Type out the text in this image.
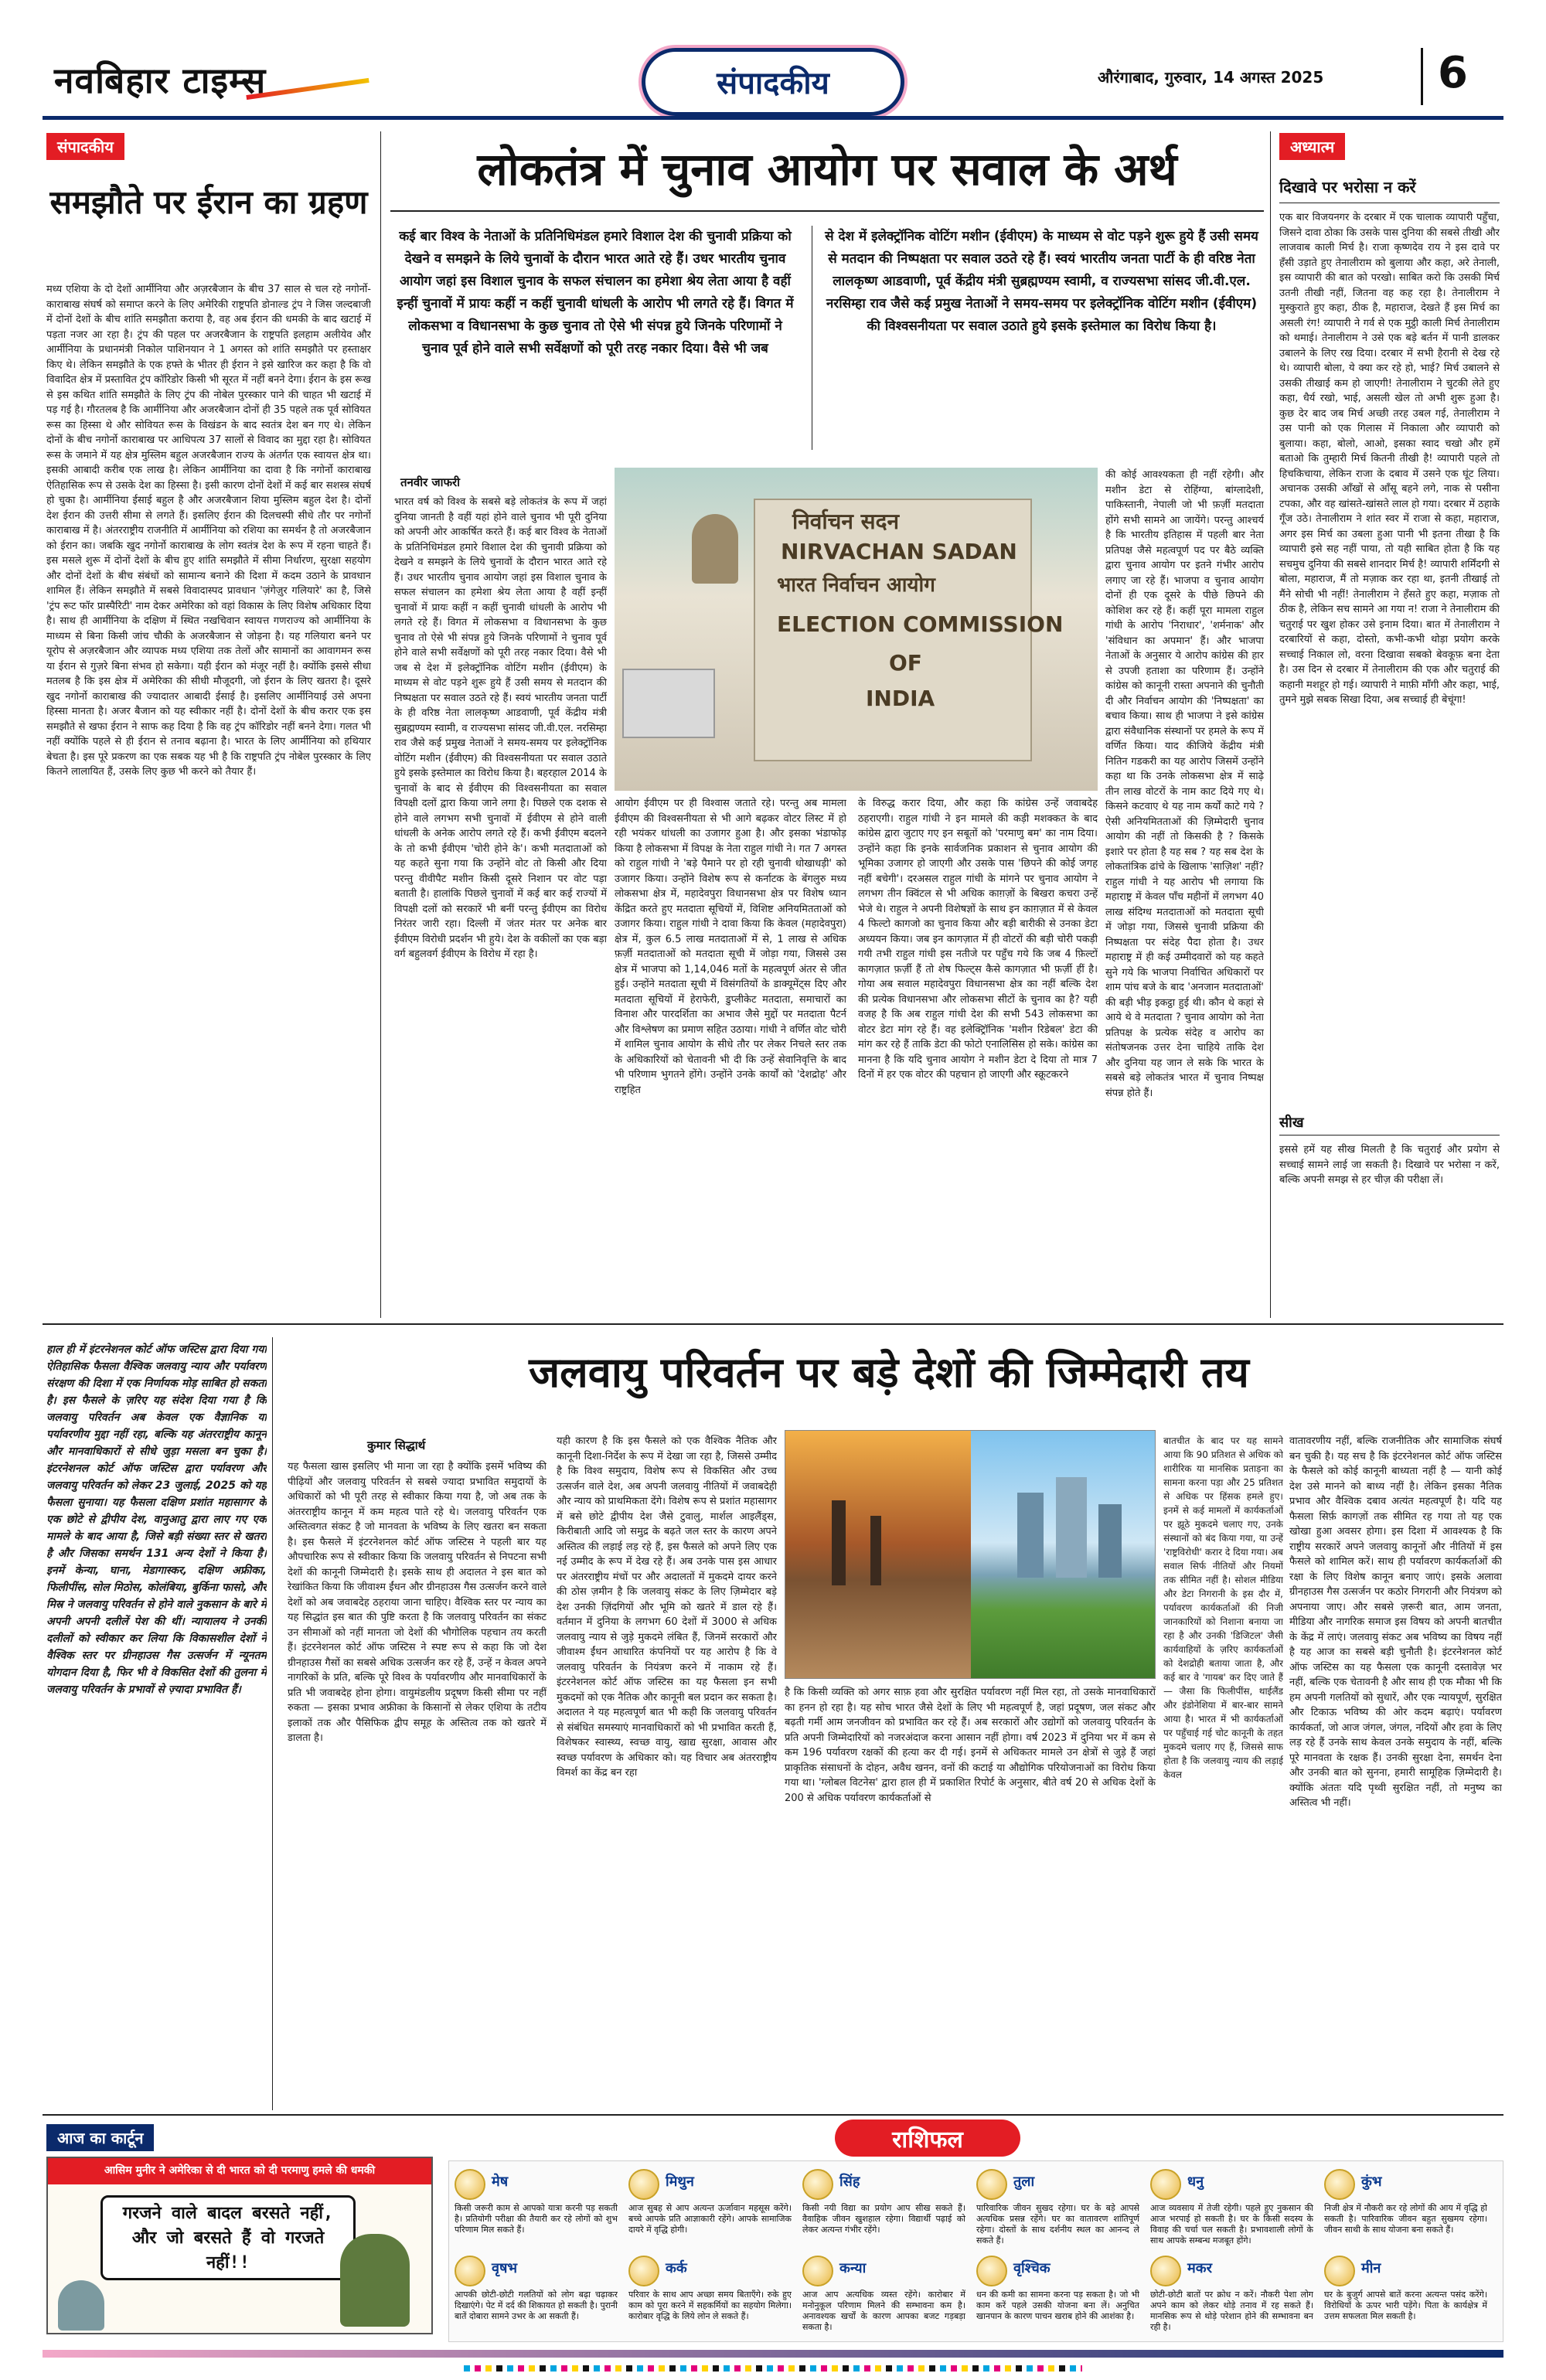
नवबिहार टाइम्स	संपादकीय	औरंगाबाद, गुरुवार, 14 अगस्त 2025	6
संपादकीय
समझौते पर ईरान का ग्रहण
मध्य एशिया के दो देशों आर्मीनिया और अज़रबैजान के बीच 37 साल से चल रहे नगोर्नो-काराबाख संघर्ष को समाप्त करने के लिए अमेरिकी राष्ट्रपति डोनाल्ड ट्रंप ने जिस जल्दबाजी में दोनों देशों के बीच शांति समझौता कराया है, वह अब ईरान की धमकी के बाद खटाई में पड़ता नजर आ रहा है। ट्रंप की पहल पर अजरबैजान के राष्ट्रपति इलहाम अलीयेव और आर्मीनिया के प्रधानमंत्री निकोल पाशिनयान ने 1 अगस्त को शांति समझौते पर हस्ताक्षर किए थे। लेकिन समझौते के एक हफ्ते के भीतर ही ईरान ने इसे खारिज कर कहा है कि वो विवादित क्षेत्र में प्रस्तावित ट्रंप कॉरिडोर किसी भी सूरत में नहीं बनने देगा। ईरान के इस रूख से इस कथित शांति समझौते के लिए ट्रंप की नोबेल पुरस्कार पाने की चाहत भी खटाई में पड़ गई है। गौरतलब है कि आर्मीनिया और अजरबैजान दोनों ही 35 पहले तक पूर्व सोवियत रूस का हिस्सा थे और सोवियत रूस के विखंडन के बाद स्वतंत्र देश बन गए थे। लेकिन दोनों के बीच नगोर्नो काराबाख पर आधिपत्य 37 सालों से विवाद का मुद्दा रहा है। सोवियत रूस के जमाने में यह क्षेत्र मुस्लिम बहुल अजरबैजान राज्य के अंतर्गत एक स्वायत्त क्षेत्र था। इसकी आबादी करीब एक लाख है। लेकिन आर्मीनिया का दावा है कि नगोर्नो काराबाख ऐतिहासिक रूप से उसके देश का हिस्सा है। इसी कारण दोनों देशों में कई बार सशस्त्र संघर्ष हो चुका है। आर्मीनिया ईसाई बहुल है और अजरबैजान शिया मुस्लिम बहुल देश है। दोनों देश ईरान की उत्तरी सीमा से लगते हैं। इसलिए ईरान की दिलचस्पी सीधे तौर पर नगोर्नो काराबाख में है। अंतरराष्ट्रीय राजनीति में आर्मीनिया को रशिया का समर्थन है तो अजरबैजान को ईरान का। जबकि खुद नगोर्नो काराबाख के लोग स्वतंत्र देश के रूप में रहना चाहते हैं। इस मसले शुरू में दोनों देशों के बीच हुए शांति समझौते में सीमा निर्धारण, सुरक्षा सहयोग और दोनों देशों के बीच संबंधों को सामान्य बनाने की दिशा में कदम उठाने के प्रावधान शामिल हैं। लेकिन समझौते में सबसे विवादास्पद प्रावधान 'ज़ंगेज़ुर गलियारे' का है, जिसे 'ट्रंप रूट फॉर प्रास्पैरिटी' नाम देकर अमेरिका को वहां विकास के लिए विशेष अधिकार दिया है। साथ ही आर्मीनिया के दक्षिण में स्थित नखचिवान स्वायत्त गणराज्य को आर्मीनिया के माध्यम से बिना किसी जांच चौकी के अजरबैजान से जोड़ना है। यह गलियारा बनने पर यूरोप से अज़रबैजान और व्यापक मध्य एशिया तक तेलों और सामानों का आवागमन रूस या ईरान से गुज़रे बिना संभव हो सकेगा। यही ईरान को मंजूर नहीं है। क्योंकि इससे सीधा मतलब है कि इस क्षेत्र में अमेरिका की सीधी मौजूदगी, जो ईरान के लिए खतरा है। दूसरे खुद नगोर्नो काराबाख की ज्यादातर आबादी ईसाई है। इसलिए आर्मीनियाई उसे अपना हिस्सा मानता है। अजर बैजान को यह स्वीकार नहीं है। दोनों देशों के बीच करार एक इस समझौते से खफा ईरान ने साफ कह दिया है कि वह ट्रंप कॉरिडोर नहीं बनने देगा। गलत भी नहीं क्योंकि पहले से ही ईरान से तनाव बढ़ाना है। भारत के लिए आर्मीनिया को हथियार बेचता है। इस पूरे प्रकरण का एक सबक यह भी है कि राष्ट्रपति ट्रंप नोबेल पुरस्कार के लिए कितने लालायित हैं, उसके लिए कुछ भी करने को तैयार हैं।
लोकतंत्र में चुनाव आयोग पर सवाल के अर्थ
कई बार विश्व के नेताओं के प्रतिनिधिमंडल हमारे विशाल देश की चुनावी प्रक्रिया को देखने व समझने के लिये चुनावों के दौरान भारत आते रहे हैं। उधर भारतीय चुनाव आयोग जहां इस विशाल चुनाव के सफल संचालन का हमेशा श्रेय लेता आया है वहीं इन्हीं चुनावों में प्रायः कहीं न कहीं चुनावी धांधली के आरोप भी लगते रहे हैं। विगत में लोकसभा व विधानसभा के कुछ चुनाव तो ऐसे भी संपन्न हुये जिनके परिणामों ने चुनाव पूर्व होने वाले सभी सर्वेक्षणों को पूरी तरह नकार दिया। वैसे भी जब
से देश में इलेक्ट्रॉनिक वोटिंग मशीन (ईवीएम) के माध्यम से वोट पड़ने शुरू हुये हैं उसी समय से मतदान की निष्पक्षता पर सवाल उठते रहे हैं। स्वयं भारतीय जनता पार्टी के ही वरिष्ठ नेता लालकृष्ण आडवाणी, पूर्व केंद्रीय मंत्री सुब्रह्मण्यम स्वामी, व राज्यसभा सांसद जी.वी.एल. नरसिम्हा राव जैसे कई प्रमुख नेताओं ने समय-समय पर इलेक्ट्रॉनिक वोटिंग मशीन (ईवीएम) की विश्वसनीयता पर सवाल उठाते हुये इसके इस्तेमाल का विरोध किया है।
तनवीर जाफरी
भारत वर्ष को विश्व के सबसे बड़े लोकतंत्र के रूप में जहां दुनिया जानती है वहीं यहां होने वाले चुनाव भी पूरी दुनिया को अपनी ओर आकर्षित करते हैं। कई बार विश्व के नेताओं के प्रतिनिधिमंडल हमारे विशाल देश की चुनावी प्रक्रिया को देखने व समझने के लिये चुनावों के दौरान भारत आते रहे हैं। उधर भारतीय चुनाव आयोग जहां इस विशाल चुनाव के सफल संचालन का हमेशा श्रेय लेता आया है वहीं इन्हीं चुनावों में प्रायः कहीं न कहीं चुनावी धांधली के आरोप भी लगते रहे हैं। विगत में लोकसभा व विधानसभा के कुछ चुनाव तो ऐसे भी संपन्न हुये जिनके परिणामों ने चुनाव पूर्व होने वाले सभी सर्वेक्षणों को पूरी तरह नकार दिया। वैसे भी जब से देश में इलेक्ट्रॉनिक वोटिंग मशीन (ईवीएम) के माध्यम से वोट पड़ने शुरू हुये हैं उसी समय से मतदान की निष्पक्षता पर सवाल उठते रहे हैं। स्वयं भारतीय जनता पार्टी के ही वरिष्ठ नेता लालकृष्ण आडवाणी, पूर्व केंद्रीय मंत्री सुब्रह्मण्यम स्वामी, व राज्यसभा सांसद जी.वी.एल. नरसिम्हा राव जैसे कई प्रमुख नेताओं ने समय-समय पर इलेक्ट्रॉनिक वोटिंग मशीन (ईवीएम) की विश्वसनीयता पर सवाल उठाते हुये इसके इस्तेमाल का विरोध किया है। बहरहाल 2014 के चुनावों के बाद से ईवीएम की विश्वसनीयता का सवाल विपक्षी दलों द्वारा किया जाने लगा है। पिछले एक दशक से होने वाले लगभग सभी चुनावों में ईवीएम से होने वाली धांधली के अनेक आरोप लगते रहे हैं। कभी ईवीएम बदलने के तो कभी ईवीएम 'चोरी होने के'। कभी मतदाताओं को यह कहते सुना गया कि उन्होंने वोट तो किसी और दिया परन्तु वीवीपैट मशीन किसी दूसरे निशान पर वोट पड़ा बताती है। हालांकि पिछले चुनावों में कई बार कई राज्यों में विपक्षी दलों को सरकारें भी बनीं परन्तु ईवीएम का विरोध निरंतर जारी रहा। दिल्ली में जंतर मंतर पर अनेक बार ईवीएम विरोधी प्रदर्शन भी हुये। देश के वकीलों का एक बड़ा वर्ग बहुलवर्ग ईवीएम के विरोध में रहा है।
निर्वाचन सदन
NIRVACHAN SADAN
भारत निर्वाचन आयोग
ELECTION COMMISSION
OF
INDIA
आयोग ईवीएम पर ही विश्वास जताते रहे। परन्तु अब मामला ईवीएम की विश्वसनीयता से भी आगे बढ़कर वोटर लिस्ट में हो रही भयंकर धांधली का उजागर हुआ है। और इसका भंडाफोड़ किया है लोकसभा में विपक्ष के नेता राहुल गांधी ने। गत 7 अगस्त को राहुल गांधी ने 'बड़े पैमाने पर हो रही चुनावी धोखाधड़ी' को उजागर किया। उन्होंने विशेष रूप से कर्नाटक के बेंगलुरु मध्य लोकसभा क्षेत्र में, महादेवपुरा विधानसभा क्षेत्र पर विशेष ध्यान केंद्रित करते हुए मतदाता सूचियों में, विशिष्ट अनियमितताओं को उजागर किया। राहुल गांधी ने दावा किया कि केवल (महादेवपुरा) क्षेत्र में, कुल 6.5 लाख मतदाताओं में से, 1 लाख से अधिक फ़र्ज़ी मतदाताओं को मतदाता सूची में जोड़ा गया, जिससे उस क्षेत्र में भाजपा को 1,14,046 मतों के महत्वपूर्ण अंतर से जीत हुई। उन्होंने मतदाता सूची में विसंगतियों के डाक्यूमेंट्स दिए और मतदाता सूचियों में हेराफेरी, डुप्लीकेट मतदाता, समाचारों का विनाश और पारदर्शिता का अभाव जैसे मुद्दों पर मतदाता पैटर्न और विश्लेषण का प्रमाण सहित उठाया। गांधी ने वर्णित वोट चोरी में शामिल चुनाव आयोग के सीधे तौर पर लेकर निचले स्तर तक के अधिकारियों को चेतावनी भी दी कि उन्हें सेवानिवृत्ति के बाद भी परिणाम भुगतने होंगे। उन्होंने उनके कार्यों को 'देशद्रोह' और राष्ट्रहित
के विरुद्ध करार दिया, और कहा कि कांग्रेस उन्हें जवाबदेह ठहराएगी। राहुल गांधी ने इन मामले की कड़ी मशक्कत के बाद कांग्रेस द्वारा जुटाए गए इन सबूतों को 'परमाणु बम' का नाम दिया। उन्होंने कहा कि इनके सार्वजनिक प्रकाशन से चुनाव आयोग की भूमिका उजागर हो जाएगी और उसके पास 'छिपने की कोई जगह नहीं बचेगी'। दरअसल राहुल गांधी के मांगने पर चुनाव आयोग ने लगभग तीन क्विंटल से भी अधिक काग़ज़ों के बिखरा कचरा उन्हें भेजे थे। राहुल ने अपनी विशेषज्ञों के साथ इन काग़ज़ात में से केवल 4 फिल्टो कागजो का चुनाव किया और बड़ी बारीकी से उनका डेटा अध्ययन किया। जब इन कागज़ात में ही वोटरों की बड़ी चोरी पकड़ी गयी तभी राहुल गांधी इस नतीजे पर पहुँच गये कि जब 4 फ़िल्टों कागज़ात फ़र्ज़ी हैं तो शेष फिल्ट्स कैसे कागज़ात भी फ़र्ज़ी हीं है। गोया अब सवाल महादेवपुरा विधानसभा क्षेत्र का नहीं बल्कि देश की प्रत्येक विधानसभा और लोकसभा सीटों के चुनाव का है? यही वजह है कि अब राहुल गांधी देश की सभी 543 लोकसभा का वोटर डेटा मांग रहे हैं। वह इलेक्ट्रिॉनिक 'मशीन रिडेबल' डेटा की मांग कर रहे हैं ताकि डेटा की फोटो एनालिसिस हो सके। कांग्रेस का मानना है कि यदि चुनाव आयोग ने मशीन डेटा दे दिया तो मात्र 7 दिनों में हर एक वोटर की पहचान हो जाएगी और स्क्रूटकरने
की कोई आवश्यकता ही नहीं रहेगी। और मशीन डेटा से रोहिंग्या, बांग्लादेशी, पाकिस्तानी, नेपाली जो भी फ़र्ज़ी मतदाता होंगे सभी सामने आ जायेंगे। परन्तु आश्चर्य है कि भारतीय इतिहास में पहली बार नेता प्रतिपक्ष जैसे महत्वपूर्ण पद पर बैठे व्यक्ति द्वारा चुनाव आयोग पर इतने गंभीर आरोप लगाए जा रहे हैं। भाजपा व चुनाव आयोग दोनों ही एक दूसरे के पीछे छिपने की कोशिश कर रहे हैं। कहीं पूरा मामला राहुल गांधी के आरोप 'निराधार', 'शर्मनाक' और 'संविधान का अपमान' हैं। और भाजपा नेताओं के अनुसार ये आरोप कांग्रेस की हार से उपजी हताशा का परिणाम हैं। उन्होंने कांग्रेस को कानूनी रास्ता अपनाने की चुनौती दी और निर्वाचन आयोग की 'निष्पक्षता' का बचाव किया। साथ ही भाजपा ने इसे कांग्रेस द्वारा संवैधानिक संस्थानों पर हमले के रूप में वर्णित किया। याद कीजिये केंद्रीय मंत्री नितिन गडकरी का यह आरोप जिसमें उन्होंने कहा था कि उनके लोकसभा क्षेत्र में साढ़े तीन लाख वोटरों के नाम काट दिये गए थे। किसने कटवाए थे यह नाम कर्यों काटे गये ? ऐसी अनियमितताओं की ज़िम्मेदारी चुनाव आयोग की नहीं तो किसकी है ? किसके इशारे पर होता है यह सब ? यह सब देश के लोकतांत्रिक ढांचे के खिलाफ 'साज़िश' नहीं? राहुल गांधी ने यह आरोप भी लगाया कि महाराष्ट्र में केवल पाँच महीनों में लगभग 40 लाख संदिग्ध मतदाताओं को मतदाता सूची में जोड़ा गया, जिससे चुनावी प्रक्रिया की निष्पक्षता पर संदेह पैदा होता है। उधर महाराष्ट्र में ही कई उम्मीदवारों को यह कहते सुने गये कि भाजपा निर्वाचित अधिकारों पर शाम पांच बजे के बाद 'अनजान मतदाताओं' की बड़ी भीड़ इकट्ठा हुई थी। कौन थे कहां से आये थे वे मतदाता ? चुनाव आयोग को नेता प्रतिपक्ष के प्रत्येक संदेह व आरोप का संतोषजनक उत्तर देना चाहिये ताकि देश और दुनिया यह जान ले सके कि भारत के सबसे बड़े लोकतंत्र भारत में चुनाव निष्पक्ष संपन्न होते हैं।
अध्यात्म
दिखावे पर भरोसा न करें
एक बार विजयनगर के दरबार में एक चालाक व्यापारी पहुँचा, जिसने दावा ठोका कि उसके पास दुनिया की सबसे तीखी और लाजवाब काली मिर्च है। राजा कृष्णदेव राय ने इस दावे पर हँसी उड़ाते हुए तेनालीराम को बुलाया और कहा, अरे तेनाली, इस व्यापारी की बात को परखो। साबित करो कि उसकी मिर्च उतनी तीखी नहीं, जितना वह कह रहा है। तेनालीराम ने मुस्कुराते हुए कहा, ठीक है, महाराज, देखते हैं इस मिर्च का असली रंग! व्यापारी ने गर्व से एक मुट्ठी काली मिर्च तेनालीराम को थमाई। तेनालीराम ने उसे एक बड़े बर्तन में पानी डालकर उबालने के लिए रख दिया। दरबार में सभी हैरानी से देख रहे थे। व्यापारी बोला, ये क्या कर रहे हो, भाई? मिर्च उबालने से उसकी तीखाई कम हो जाएगी! तेनालीराम ने चुटकी लेते हुए कहा, धैर्य रखो, भाई, असली खेल तो अभी शुरू हुआ है। कुछ देर बाद जब मिर्च अच्छी तरह उबल गई, तेनालीराम ने उस पानी को एक गिलास में निकाला और व्यापारी को बुलाया। कहा, बोलो, आओ, इसका स्वाद चखो और हमें बताओ कि तुम्हारी मिर्च कितनी तीखी है! व्यापारी पहले तो हिचकिचाया, लेकिन राजा के दबाव में उसने एक घूंट लिया। अचानक उसकी आँखों से आँसू बहने लगे, नाक से पसीना टपका, और वह खांसते-खांसते लाल हो गया। दरबार में ठहाके गूँज उठे। तेनालीराम ने शांत स्वर में राजा से कहा, महाराज, अगर इस मिर्च का उबला हुआ पानी भी इतना तीखा है कि व्यापारी इसे सह नहीं पाया, तो यही साबित होता है कि यह सचमुच दुनिया की सबसे शानदार मिर्च है! व्यापारी शर्मिंदगी से बोला, महाराज, मैं तो मज़ाक कर रहा था, इतनी तीखाई तो मैंने सोची भी नहीं! तेनालीराम ने हँसते हुए कहा, मज़ाक तो ठीक है, लेकिन सच सामने आ गया न! राजा ने तेनालीराम की चतुराई पर खुश होकर उसे इनाम दिया। बात में तेनालीराम ने दरबारियों से कहा, दोस्तो, कभी-कभी थोड़ा प्रयोग करके सच्चाई निकाल लो, वरना दिखावा सबको बेवकूफ़ बना देता है। उस दिन से दरबार में तेनालीराम की एक और चतुराई की कहानी मशहूर हो गई। व्यापारी ने माफ़ी माँगी और कहा, भाई, तुमने मुझे सबक सिखा दिया, अब सच्चाई ही बेचूंगा!
सीख
इससे हमें यह सीख मिलती है कि चतुराई और प्रयोग से सच्चाई सामने लाई जा सकती है। दिखावे पर भरोसा न करें, बल्कि अपनी समझ से हर चीज़ की परीक्षा लें।
हाल ही में इंटरनेशनल कोर्ट ऑफ जस्टिस द्वारा दिया गया ऐतिहासिक फैसला वैश्विक जलवायु न्याय और पर्यावरण संरक्षण की दिशा में एक निर्णायक मोड़ साबित हो सकता है। इस फैसले के ज़रिए यह संदेश दिया गया है कि जलवायु परिवर्तन अब केवल एक वैज्ञानिक या पर्यावरणीय मुद्दा नहीं रहा, बल्कि यह अंतरराष्ट्रीय कानून और मानवाधिकारों से सीधे जुड़ा मसला बन चुका है। इंटरनेशनल कोर्ट ऑफ जस्टिस द्वारा पर्यावरण और जलवायु परिवर्तन को लेकर 23 जुलाई, 2025 को यह फैसला सुनाया। यह फैसला दक्षिण प्रशांत महासागर के एक छोटे से द्वीपीय देश, वानुआतु द्वारा लाए गए एक मामले के बाद आया है, जिसे बड़ी संख्या स्तर से खतरा है और जिसका समर्थन 131 अन्य देशों ने किया है। इनमें केन्या, घाना, मेडागास्कर, दक्षिण अफ्रीका, फिलीपींस, सोल मिठोस, कोलंबिया, बुर्किना फासो, और मिस्र ने जलवायु परिवर्तन से होने वाले नुकसान के बारे में अपनी अपनी दलीलें पेश की थीं। न्यायालय ने उनकी दलीलों को स्वीकार कर लिया कि विकासशील देशों ने वैश्विक स्तर पर ग्रीनहाउस गैस उत्सर्जन में न्यूनतम योगदान दिया है, फिर भी वे विकसित देशों की तुलना में जलवायु परिवर्तन के प्रभावों से ज़्यादा प्रभावित हैं।
जलवायु परिवर्तन पर बड़े देशों की जिम्मेदारी तय
कुमार सिद्धार्थ
यह फैसला खास इसलिए भी माना जा रहा है क्योंकि इसमें भविष्य की पीढ़ियों और जलवायु परिवर्तन से सबसे ज्यादा प्रभावित समुदायों के अधिकारों को भी पूरी तरह से स्वीकार किया गया है, जो अब तक के अंतरराष्ट्रीय कानून में कम महत्व पाते रहे थे। जलवायु परिवर्तन एक अस्तित्वगत संकट है जो मानवता के भविष्य के लिए खतरा बन सकता है। इस फैसले में इंटरनेशनल कोर्ट ऑफ जस्टिस ने पहली बार यह औपचारिक रूप से स्वीकार किया कि जलवायु परिवर्तन से निपटना सभी देशों की कानूनी जिम्मेदारी है। इसके साथ ही अदालत ने इस बात को रेखांकित किया कि जीवाश्म ईंधन और ग्रीनहाउस गैस उत्सर्जन करने वाले देशों को अब जवाबदेह ठहराया जाना चाहिए। वैश्विक स्तर पर न्याय का यह सिद्धांत इस बात की पुष्टि करता है कि जलवायु परिवर्तन का संकट उन सीमाओं को नहीं मानता जो देशों की भौगोलिक पहचान तय करती हैं। इंटरनेशनल कोर्ट ऑफ जस्टिस ने स्पष्ट रूप से कहा कि जो देश ग्रीनहाउस गैसों का सबसे अधिक उत्सर्जन कर रहे हैं, उन्हें न केवल अपने नागरिकों के प्रति, बल्कि पूरे विश्व के पर्यावरणीय और मानवाधिकारों के प्रति भी जवाबदेह होना होगा। वायुमंडलीय प्रदूषण किसी सीमा पर नहीं रुकता — इसका प्रभाव अफ्रीका के किसानों से लेकर एशिया के तटीय इलाकों तक और पैसिफिक द्वीप समूह के अस्तित्व तक को खतरे में डालता है।
यही कारण है कि इस फैसले को एक वैश्विक नैतिक और कानूनी दिशा-निर्देश के रूप में देखा जा रहा है, जिससे उम्मीद है कि विश्व समुदाय, विशेष रूप से विकसित और उच्च उत्सर्जन वाले देश, अब अपनी जलवायु नीतियों में जवाबदेही और न्याय को प्राथमिकता देंगे। विशेष रूप से प्रशांत महासागर में बसे छोटे द्वीपीय देश जैसे टुवालु, मार्शल आइलैंड्स, किरीबाती आदि जो समुद्र के बढ़ते जल स्तर के कारण अपने अस्तित्व की लड़ाई लड़ रहे हैं, इस फैसले को अपने लिए एक नई उम्मीद के रूप में देख रहे हैं। अब उनके पास इस आधार पर अंतरराष्ट्रीय मंचों पर और अदालतों में मुकदमे दायर करने की ठोस ज़मीन है कि जलवायु संकट के लिए ज़िम्मेदार बड़े देश उनकी ज़िंदगियों और भूमि को खतरे में डाल रहे हैं। वर्तमान में दुनिया के लगभग 60 देशों में 3000 से अधिक जलवायु न्याय से जुड़े मुकदमे लंबित हैं, जिनमें सरकारों और जीवाश्म ईंधन आधारित कंपनियों पर यह आरोप है कि वे जलवायु परिवर्तन के नियंत्रण करने में नाकाम रहे हैं। इंटरनेशनल कोर्ट ऑफ जस्टिस का यह फैसला इन सभी मुकदमों को एक नैतिक और कानूनी बल प्रदान कर सकता है। अदालत ने यह महत्वपूर्ण बात भी कही कि जलवायु परिवर्तन से संबंधित समस्याएं मानवाधिकारों को भी प्रभावित करती हैं, विशेषकर स्वास्थ्य, स्वच्छ वायु, खाद्य सुरक्षा, आवास और स्वच्छ पर्यावरण के अधिकार को। यह विचार अब अंतरराष्ट्रीय विमर्श का केंद्र बन रहा
है कि किसी व्यक्ति को अगर साफ़ हवा और सुरक्षित पर्यावरण नहीं मिल रहा, तो उसके मानवाधिकारों का हनन हो रहा है। यह सोच भारत जैसे देशों के लिए भी महत्वपूर्ण है, जहां प्रदूषण, जल संकट और बढ़ती गर्मी आम जनजीवन को प्रभावित कर रहे हैं। अब सरकारों और उद्योगों को जलवायु परिवर्तन के प्रति अपनी जिम्मेदारियों को नजरअंदाज करना आसान नहीं होगा। वर्ष 2023 में दुनिया भर में कम से कम 196 पर्यावरण रक्षकों की हत्या कर दी गई। इनमें से अधिकतर मामले उन क्षेत्रों से जुड़े हैं जहां प्राकृतिक संसाधनों के दोहन, अवैध खनन, वनों की कटाई या औद्योगिक परियोजनाओं का विरोध किया गया था। 'ग्लोबल विटनेस' द्वारा हाल ही में प्रकाशित रिपोर्ट के अनुसार, बीते वर्ष 20 से अधिक देशों के 200 से अधिक पर्यावरण कार्यकर्ताओं से
वातावरणीय नहीं, बल्कि राजनीतिक और सामाजिक संघर्ष बन चुकी है। यह सच है कि इंटरनेशनल कोर्ट ऑफ जस्टिस के फैसले को कोई कानूनी बाध्यता नहीं है — यानी कोई देश उसे मानने को बाध्य नहीं है। लेकिन इसका नैतिक प्रभाव और वैश्विक दबाव अत्यंत महत्वपूर्ण है। यदि यह फैसला सिर्फ़ कागज़ों तक सीमित रह गया तो यह एक खोखा हुआ अवसर होगा। इस दिशा में आवश्यक है कि राष्ट्रीय सरकारें अपने जलवायु कानूनों और नीतियों में इस फैसले को शामिल करें। साथ ही पर्यावरण कार्यकर्ताओं की रक्षा के लिए विशेष कानून बनाए जाएं। इसके अलावा ग्रीनहाउस गैस उत्सर्जन पर कठोर निगरानी और नियंत्रण को अपनाया जाए। और सबसे ज़रूरी बात, आम जनता, मीडिया और नागरिक समाज इस विषय को अपनी बातचीत के केंद्र में लाएं। जलवायु संकट अब भविष्य का विषय नहीं है यह आज का सबसे बड़ी चुनौती है। इंटरनेशनल कोर्ट ऑफ जस्टिस का यह फैसला एक कानूनी दस्तावेज़ भर नहीं, बल्कि एक चेतावनी है और साथ ही एक मौका भी कि हम अपनी गलतियों को सुधारें, और एक न्यायपूर्ण, सुरक्षित और टिकाऊ भविष्य की ओर कदम बढ़ाएं। पर्यावरण कार्यकर्ता, जो आज जंगल, जंगल, नदियों और हवा के लिए लड़ रहे हैं उनके साथ केवल उनके समुदाय के नहीं, बल्कि पूरे मानवता के रक्षक हैं। उनकी सुरक्षा देना, समर्थन देना और उनकी बात को सुनना, हमारी सामूहिक ज़िम्मेदारी है। क्योंकि अंततः यदि पृथ्वी सुरक्षित नहीं, तो मनुष्य का अस्तित्व भी नहीं।
बातचीत के बाद पर यह सामने आया कि 90 प्रतिशत से अधिक को शारीरिक या मानसिक प्रताड़ना का सामना करना पड़ा और 25 प्रतिशत से अधिक पर हिंसक हमले हुए। इनमें से कई मामलों में कार्यकर्ताओं पर झूठे मुकदमे चलाए गए, उनके संस्थानों को बंद किया गया, या उन्हें 'राष्ट्रविरोधी' करार दे दिया गया। अब सवाल सिर्फ नीतियों और नियमों तक सीमित नहीं है। सोशल मीडिया और डेटा निगरानी के इस दौर में, पर्यावरण कार्यकर्ताओं की निजी जानकारियों को निशाना बनाया जा रहा है और उनकी 'डिजिटल' जैसी कार्यवाहियों के ज़रिए कार्यकर्ताओं को देशद्रोही बताया जाता है, और कई बार वे 'गायब' कर दिए जाते हैं — जैसा कि फिलीपींस, थाईलैंड और इंडोनेशिया में बार-बार सामने आया है। भारत में भी कार्यकर्ताओं पर पहुँचाई गई चोट कानूनी के तहत मुकदमे चलाए गए हैं, जिससे साफ होता है कि जलवायु न्याय की लड़ाई केवल
आज का कार्टून
आसिम मुनीर ने अमेरिका से दी भारत को दी परमाणु हमले की धमकी
गरजने वाले बादल बरसते नहीं, और जो बरसते हैं वो गरजते नहीं!!
राशिफल
मेष
किसी जरूरी काम से आपको यात्रा करनी पड़ सकती है। प्रतियोगी परीक्षा की तैयारी कर रहे लोगों को शुभ परिणाम मिल सकते हैं।
मिथुन
आज सुबह से आप अत्यन्त ऊर्जावान महसूस करेंगे। बच्चे आपके प्रति आज्ञाकारी रहेंगे। आपके सामाजिक दायरे में वृद्धि होगी।
सिंह
किसी नयी विद्या का प्रयोग आप सीख सकते हैं। वैवाहिक जीवन खुशहाल रहेगा। विद्यार्थी पढ़ाई को लेकर अत्यन्त गंभीर रहेंगे।
तुला
पारिवारिक जीवन सुखद रहेगा। घर के बड़े आपसे अत्यधिक प्रसन्न रहेंगे। घर का वातावरण शांतिपूर्ण रहेगा। दोस्तों के साथ दर्शनीय स्थल का आनन्द ले सकते हैं।
धनु
आज व्यवसाय में तेजी रहेगी। पहले हुए नुकसान की आज भरपाई हो सकती है। घर के किसी सदस्य के विवाह की चर्चा चल सकती है। प्रभावशाली लोगों के साथ आपके सम्बन्ध मजबूत होंगे।
कुंभ
निजी क्षेत्र में नौकरी कर रहे लोगों की आय में वृद्धि हो सकती है। पारिवारिक जीवन बहुत सुखमय रहेगा। जीवन साथी के साथ योजना बना सकते हैं।
वृषभ
आपकी छोटी-छोटी गलतियों को लोग बढ़ा चढ़ाकर दिखाएंगे। पेट में दर्द की शिकायत हो सकती है। पुरानी बातें दोबारा सामने उभर के आ सकती हैं।
कर्क
परिवार के साथ आप अच्छा समय बिताएँगे। रुके हुए काम को पूरा करने में सहकर्मियों का सहयोग मिलेगा। कारोबार वृद्धि के लिये लोन ले सकते हैं।
कन्या
आज आप अत्यधिक व्यस्त रहेंगे। कारोबार में मनोनुकूल परिणाम मिलने की सम्भावना कम है। अनावश्यक खर्चों के कारण आपका बजट गड़बड़ा सकता है।
वृश्चिक
धन की कमी का सामना करना पड़ सकता है। जो भी काम करें पहले उसकी योजना बना लें। अनुचित खानपान के कारण पाचन खराब होने की आशंका है।
मकर
छोटी-छोटी बातों पर क्रोध न करें। नौकरी पेशा लोग अपने काम को लेकर थोड़े तनाव में रह सकते हैं। मानसिक रूप से थोड़े परेशान होने की सम्भावना बन रही है।
मीन
घर के बुजुर्ग आपसे बातें करना अत्यन्त पसंद करेंगे। विरोधियों के ऊपर भारी पड़ेंगे। पिता के कार्यक्षेत्र में उत्तम सफलता मिल सकती है।
